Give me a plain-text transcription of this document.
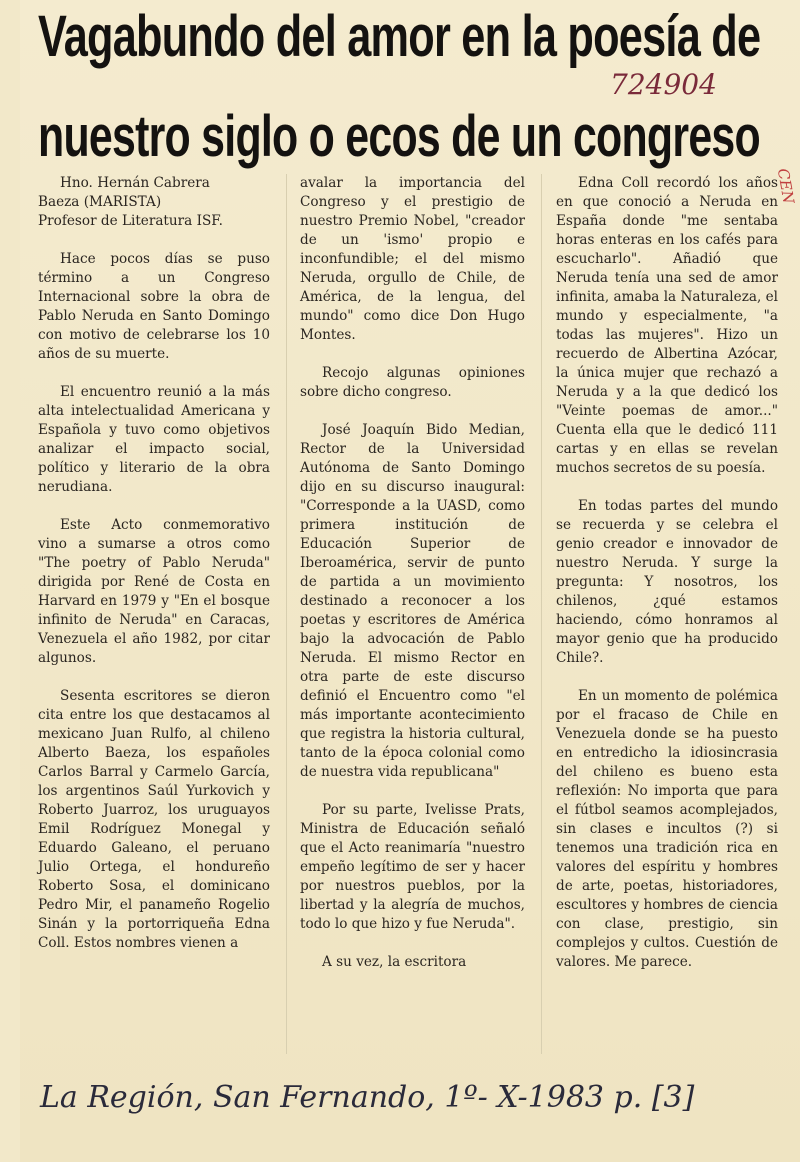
Vagabundo del amor en la poesía de
nuestro siglo o ecos de un congreso
724904
CEN
Hno. Hernán Cabrera
Baeza (MARISTA)
Profesor de Literatura ISF.

Hace pocos días se puso término a un Congreso Internacional sobre la obra de Pablo Neruda en Santo Domingo con motivo de celebrarse los 10 años de su muerte.

El encuentro reunió a la más alta intelectualidad Americana y Española y tuvo como objetivos analizar el impacto social, político y literario de la obra nerudiana.

Este Acto conmemorativo vino a sumarse a otros como "The poetry of Pablo Neruda" dirigida por René de Costa en Harvard en 1979 y "En el bosque infinito de Neruda" en Caracas, Venezuela el año 1982, por citar algunos.

Sesenta escritores se dieron cita entre los que destacamos al mexicano Juan Rulfo, al chileno Alberto Baeza, los españoles Carlos Barral y Carmelo García, los argentinos Saúl Yurkovich y Roberto Juarroz, los uruguayos Emil Rodríguez Monegal y Eduardo Galeano, el peruano Julio Ortega, el hondureño Roberto Sosa, el dominicano Pedro Mir, el panameño Rogelio Sinán y la portorriqueña Edna Coll. Estos nombres vienen a

avalar la importancia del Congreso y el prestigio de nuestro Premio Nobel, "creador de un 'ismo' propio e inconfundible; el del mismo Neruda, orgullo de Chile, de América, de la lengua, del mundo" como dice Don Hugo Montes.

Recojo algunas opiniones sobre dicho congreso.

José Joaquín Bido Median, Rector de la Universidad Autónoma de Santo Domingo dijo en su discurso inaugural: "Corresponde a la UASD, como primera institución de Educación Superior de Iberoamérica, servir de punto de partida a un movimiento destinado a reconocer a los poetas y escritores de América bajo la advocación de Pablo Neruda. El mismo Rector en otra parte de este discurso definió el Encuentro como "el más importante acontecimiento que registra la historia cultural, tanto de la época colonial como de nuestra vida republicana"

Por su parte, Ivelisse Prats, Ministra de Educación señaló que el Acto reanimaría "nuestro empeño legítimo de ser y hacer por nuestros pueblos, por la libertad y la alegría de muchos, todo lo que hizo y fue Neruda".

A su vez, la escritora

Edna Coll recordó los años en que conoció a Neruda en España donde "me sentaba horas enteras en los cafés para escucharlo". Añadió que Neruda tenía una sed de amor infinita, amaba la Naturaleza, el mundo y especialmente, "a todas las mujeres". Hizo un recuerdo de Albertina Azócar, la única mujer que rechazó a Neruda y a la que dedicó los "Veinte poemas de amor..." Cuenta ella que le dedicó 111 cartas y en ellas se revelan muchos secretos de su poesía.

En todas partes del mundo se recuerda y se celebra el genio creador e innovador de nuestro Neruda. Y surge la pregunta: Y nosotros, los chilenos, ¿qué estamos haciendo, cómo honramos al mayor genio que ha producido Chile?.

En un momento de polémica por el fracaso de Chile en Venezuela donde se ha puesto en entredicho la idiosincrasia del chileno es bueno esta reflexión: No importa que para el fútbol seamos acomplejados, sin clases e incultos (?) si tenemos una tradición rica en valores del espíritu y hombres de arte, poetas, historiadores, escultores y hombres de ciencia con clase, prestigio, sin complejos y cultos. Cuestión de valores. Me parece.

La Región, San Fernando, 1º- X-1983 p. [3]
